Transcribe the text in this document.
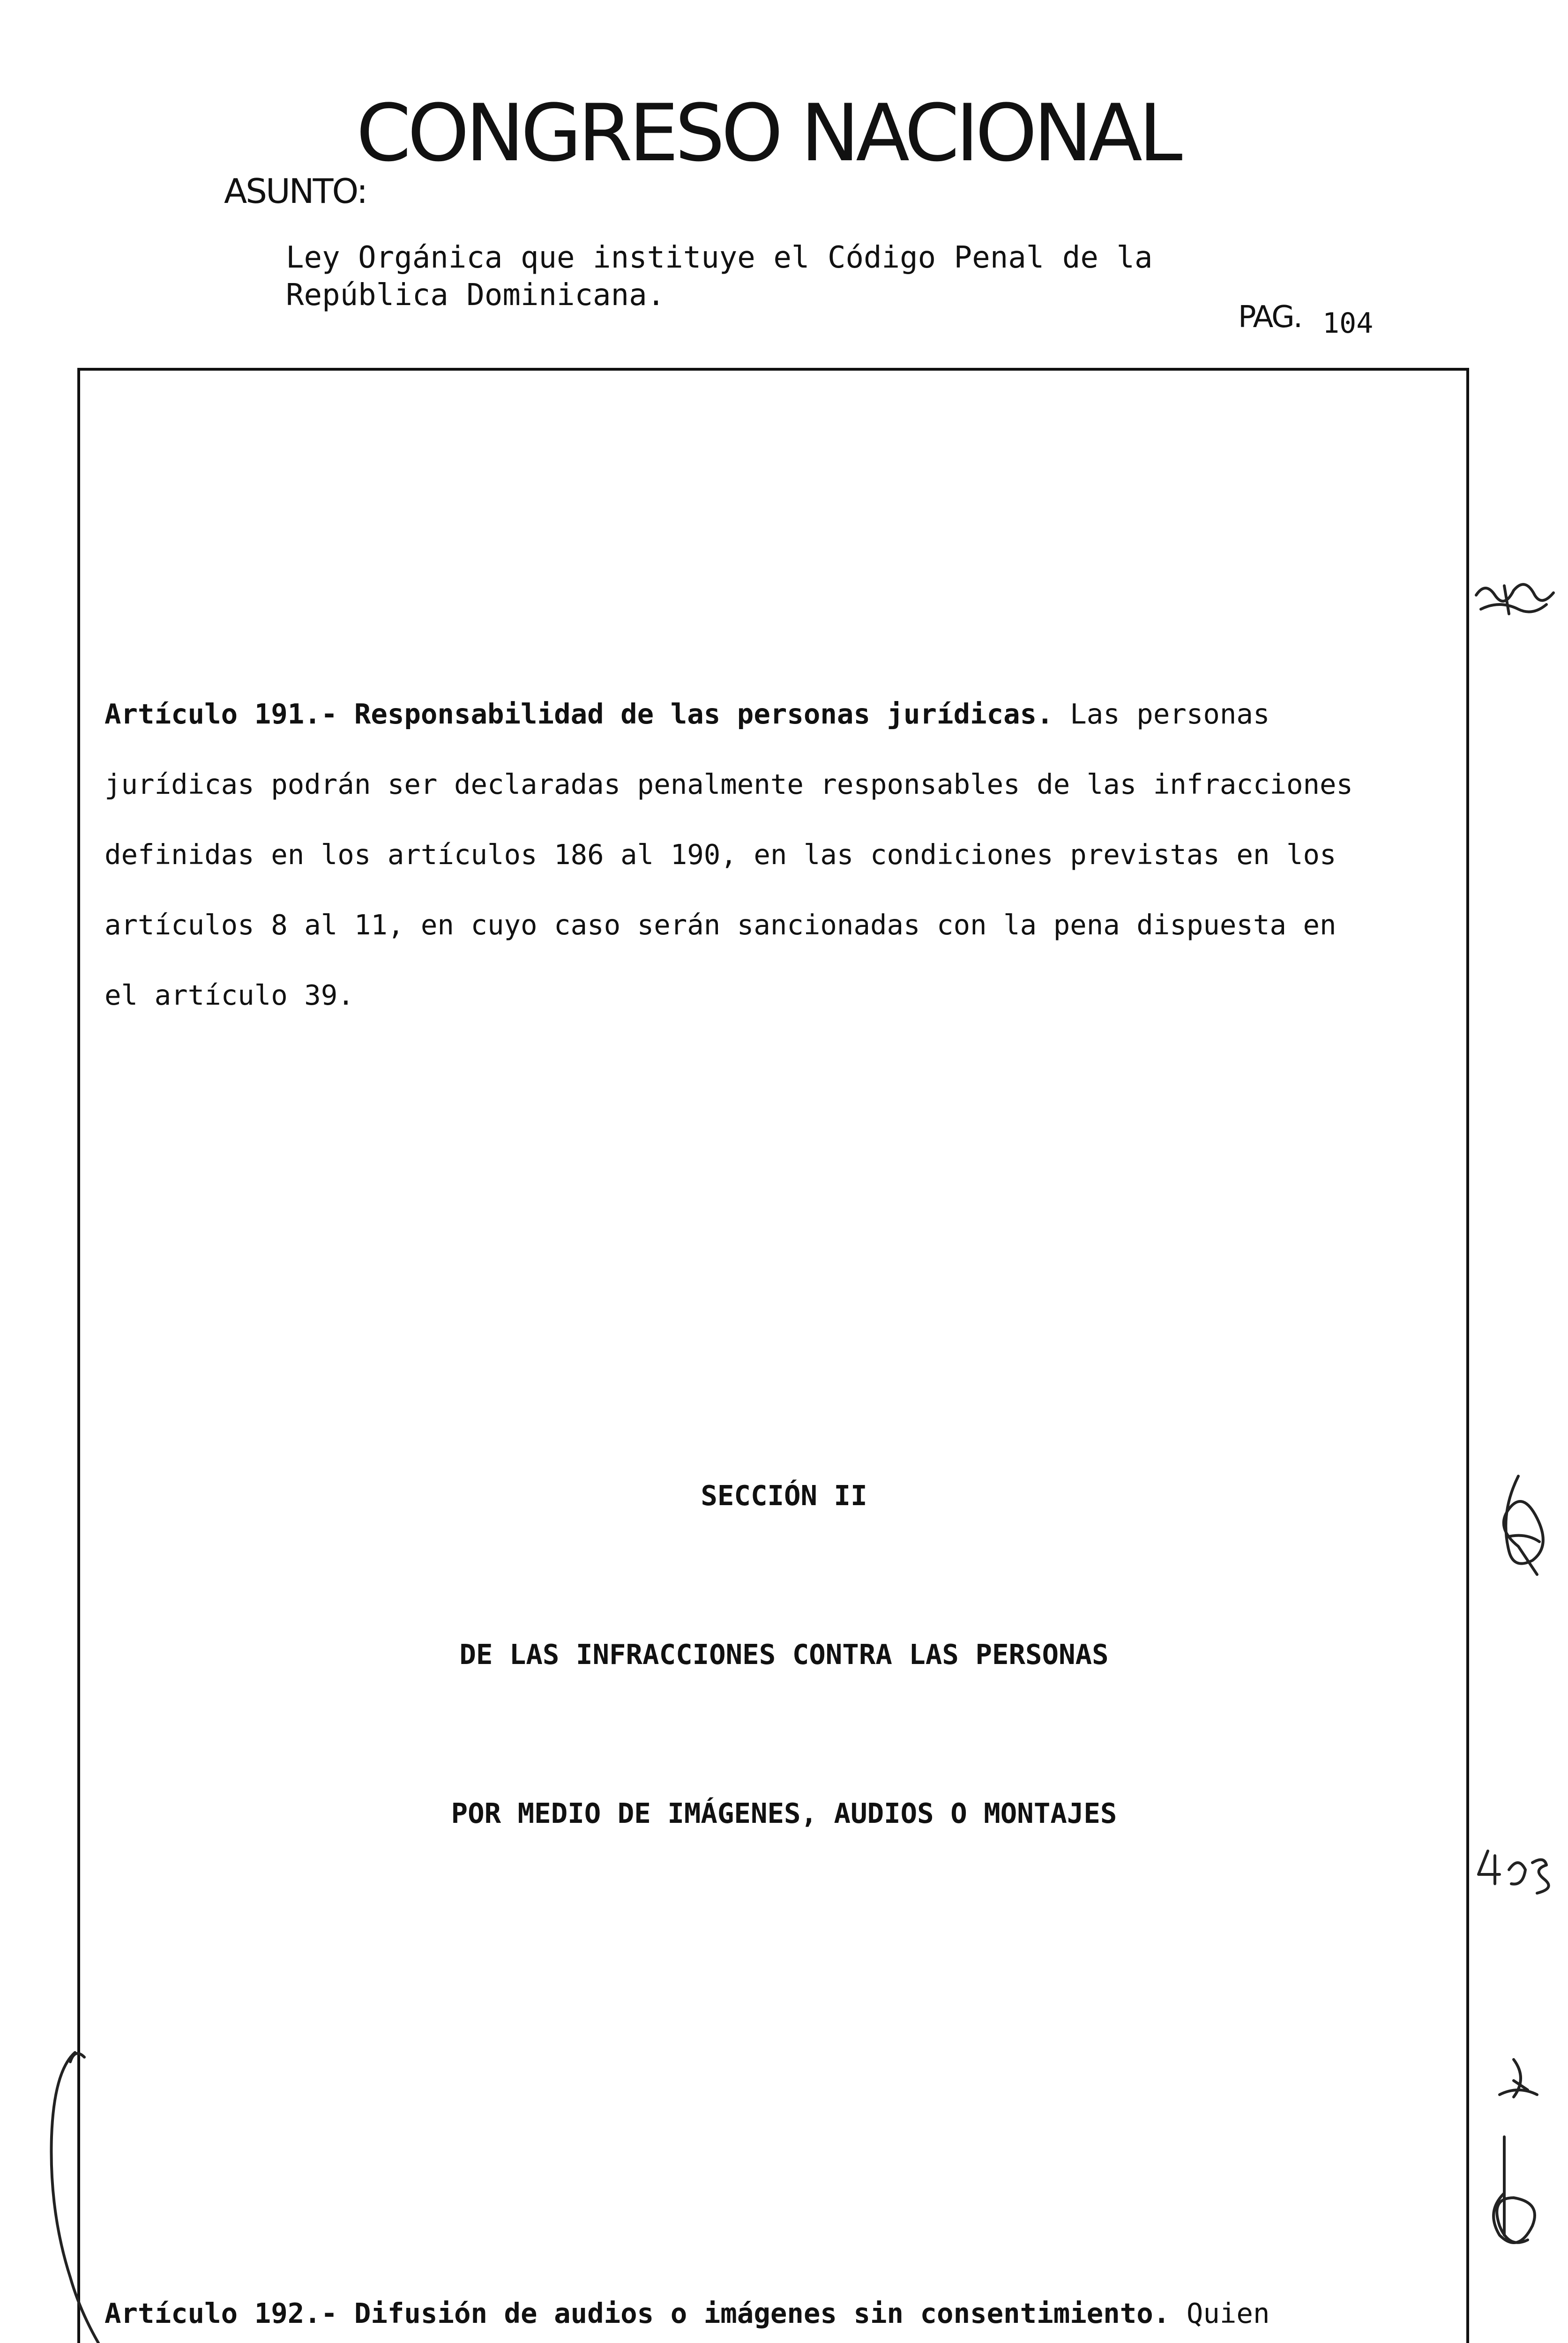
CONGRESO NACIONAL
ASUNTO:
Ley Orgánica que instituye el Código Penal de la
República Dominicana.
PAG. 104

Artículo 191.- Responsabilidad de las personas jurídicas. Las personas
jurídicas podrán ser declaradas penalmente responsables de las infracciones
definidas en los artículos 186 al 190, en las condiciones previstas en los
artículos 8 al 11, en cuyo caso serán sancionadas con la pena dispuesta en
el artículo 39.

SECCIÓN II

DE LAS INFRACCIONES CONTRA LAS PERSONAS

POR MEDIO DE IMÁGENES, AUDIOS O MONTAJES

Artículo 192.- Difusión de audios o imágenes sin consentimiento. Quien
